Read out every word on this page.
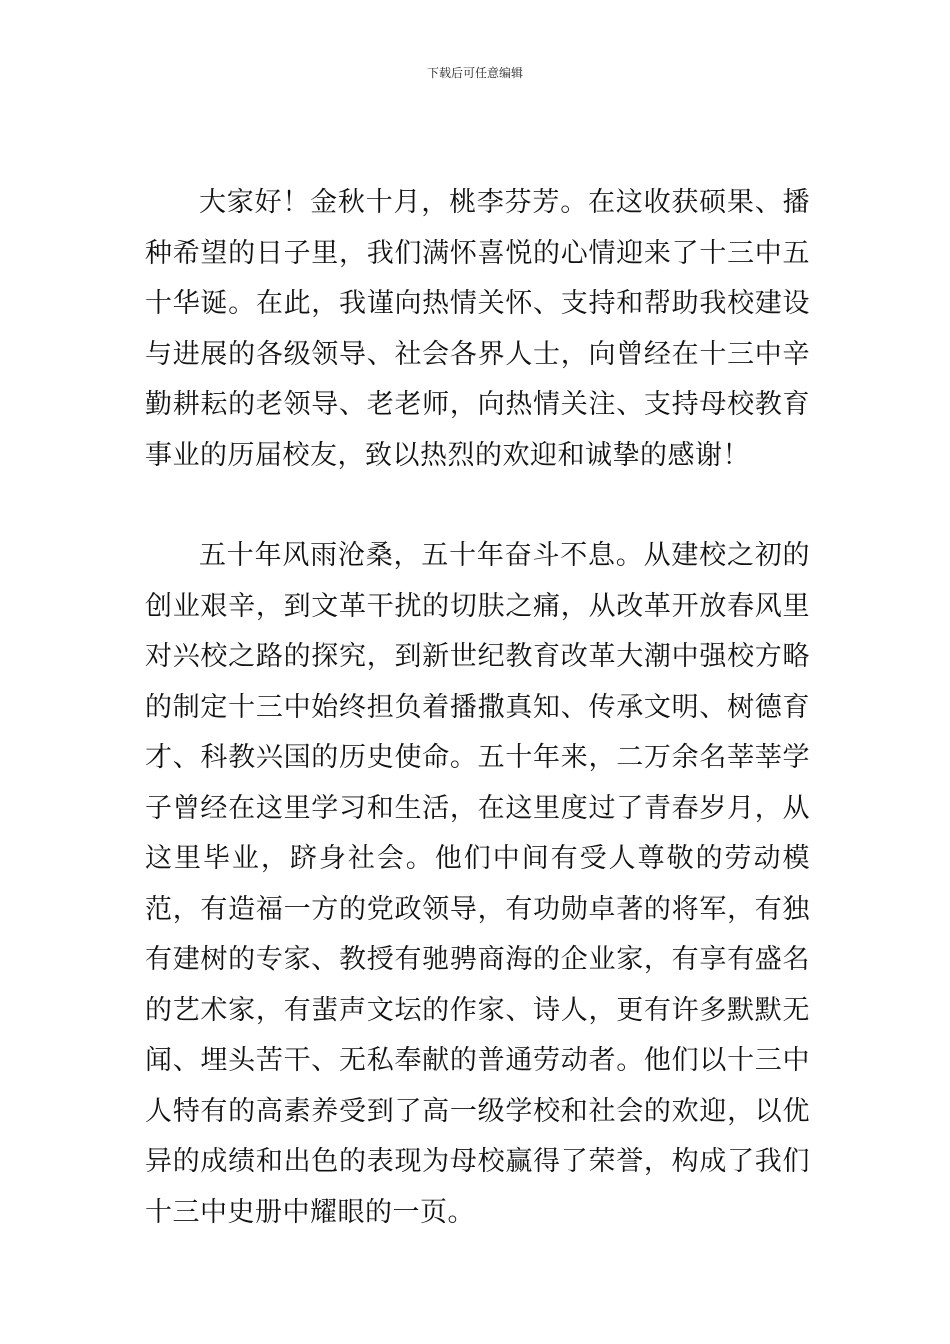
下载后可任意编辑

大家好！金秋十月，桃李芬芳。在这收获硕果、播种希望的日子里，我们满怀喜悦的心情迎来了十三中五十华诞。在此，我谨向热情关怀、支持和帮助我校建设与进展的各级领导、社会各界人士，向曾经在十三中辛勤耕耘的老领导、老老师，向热情关注、支持母校教育事业的历届校友，致以热烈的欢迎和诚挚的感谢！

五十年风雨沧桑，五十年奋斗不息。从建校之初的创业艰辛，到文革干扰的切肤之痛，从改革开放春风里对兴校之路的探究，到新世纪教育改革大潮中强校方略的制定十三中始终担负着播撒真知、传承文明、树德育才、科教兴国的历史使命。五十年来，二万余名莘莘学子曾经在这里学习和生活，在这里度过了青春岁月，从这里毕业，跻身社会。他们中间有受人尊敬的劳动模范，有造福一方的党政领导，有功勋卓著的将军，有独有建树的专家、教授有驰骋商海的企业家，有享有盛名的艺术家，有蜚声文坛的作家、诗人，更有许多默默无闻、埋头苦干、无私奉献的普通劳动者。他们以十三中人特有的高素养受到了高一级学校和社会的欢迎，以优异的成绩和出色的表现为母校赢得了荣誉，构成了我们十三中史册中耀眼的一页。
